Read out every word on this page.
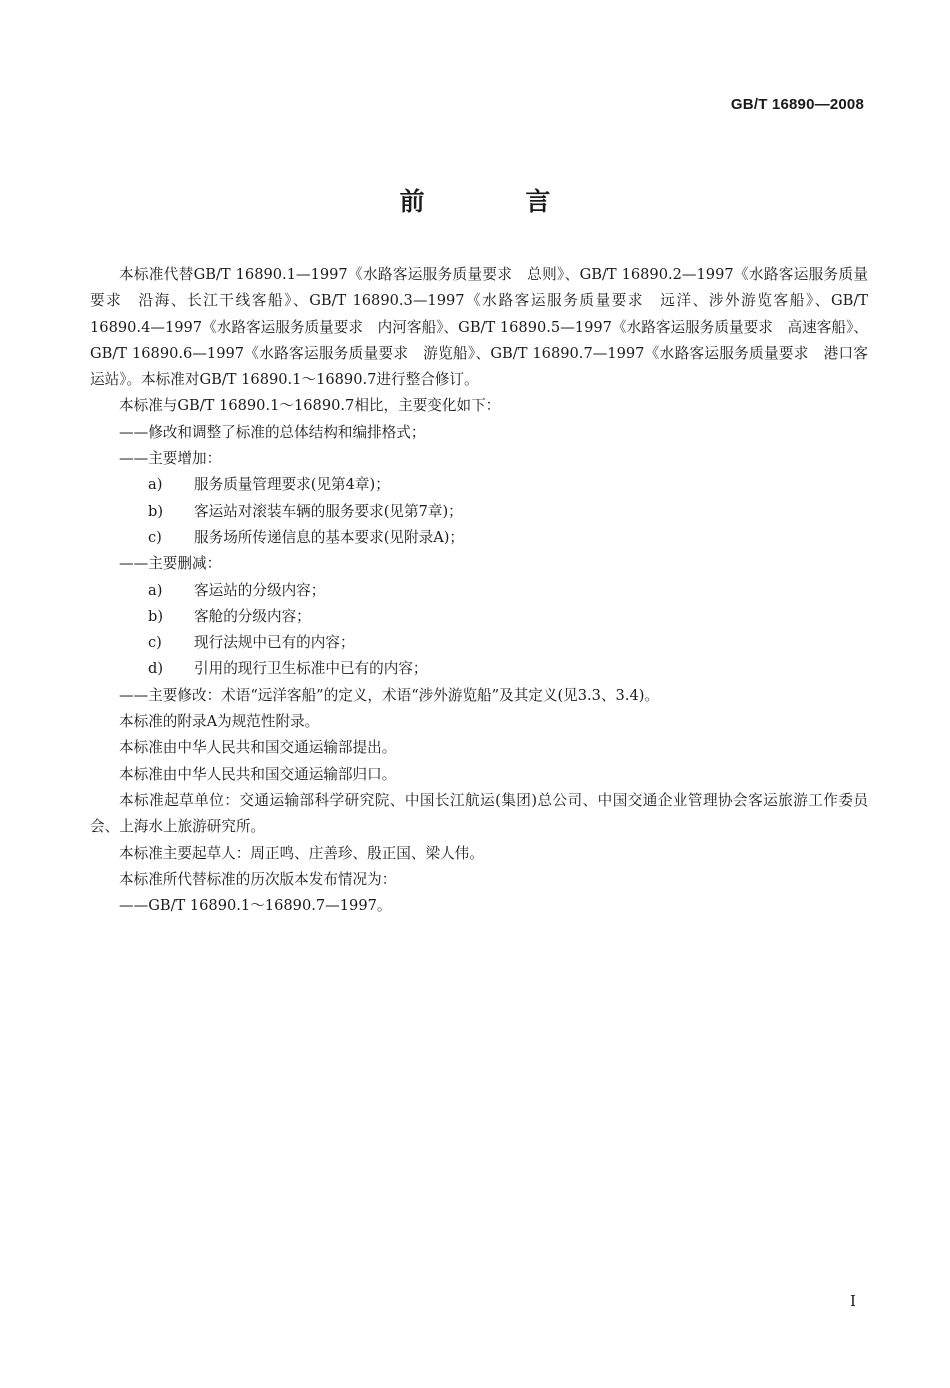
GB/T 16890—2008
前 言

本标准代替GB/T 16890.1—1997《水路客运服务质量要求　总则》、GB/T 16890.2—1997《水路客运服务质量要求　沿海、长江干线客船》、GB/T 16890.3—1997《水路客运服务质量要求　远洋、涉外游览客船》、GB/T 16890.4—1997《水路客运服务质量要求　内河客船》、GB/T 16890.5—1997《水路客运服务质量要求　高速客船》、GB/T 16890.6—1997《水路客运服务质量要求　游览船》、GB/T 16890.7—1997《水路客运服务质量要求　港口客运站》。本标准对GB/T 16890.1～16890.7进行整合修订。

本标准与GB/T 16890.1～16890.7相比，主要变化如下：

——修改和调整了标准的总体结构和编排格式；

——主要增加：

a) 服务质量管理要求(见第4章)；

b) 客运站对滚装车辆的服务要求(见第7章)；

c) 服务场所传递信息的基本要求(见附录A)；

——主要删减：

a) 客运站的分级内容；

b) 客舱的分级内容；

c) 现行法规中已有的内容；

d) 引用的现行卫生标准中已有的内容；

——主要修改：术语“远洋客船”的定义，术语“涉外游览船”及其定义(见3.3、3.4)。

本标准的附录A为规范性附录。

本标准由中华人民共和国交通运输部提出。

本标准由中华人民共和国交通运输部归口。

本标准起草单位：交通运输部科学研究院、中国长江航运(集团)总公司、中国交通企业管理协会客运旅游工作委员会、上海水上旅游研究所。

本标准主要起草人：周正鸣、庄善珍、殷正国、梁人伟。

本标准所代替标准的历次版本发布情况为：

——GB/T 16890.1～16890.7—1997。

I
